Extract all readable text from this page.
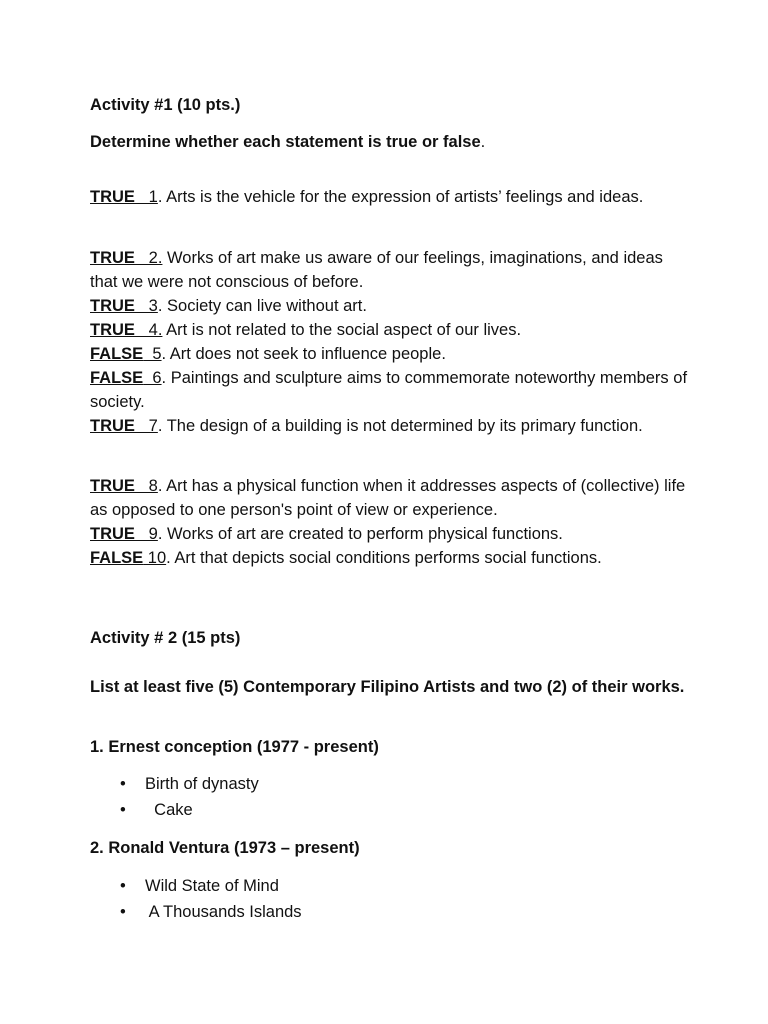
Activity #1 (10 pts.)
Determine whether each statement is true or false.
TRUE   1. Arts is the vehicle for the expression of artists’ feelings and ideas.
TRUE   2. Works of art make us aware of our feelings, imaginations, and ideas that we were not conscious of before.
TRUE   3. Society can live without art.
TRUE   4. Art is not related to the social aspect of our lives.
FALSE  5. Art does not seek to influence people.
FALSE  6. Paintings and sculpture aims to commemorate noteworthy members of society.
TRUE   7. The design of a building is not determined by its primary function.
TRUE   8. Art has a physical function when it addresses aspects of (collective) life as opposed to one person's point of view or experience.
TRUE   9. Works of art are created to perform physical functions.
FALSE 10. Art that depicts social conditions performs social functions.
Activity # 2 (15 pts)
List at least five (5) Contemporary Filipino Artists and two (2) of their works.
1. Ernest conception (1977 - present)
• Birth of dynasty
•   Cake
2. Ronald Ventura (1973 – present)
• Wild State of Mind
•  A Thousands Islands
